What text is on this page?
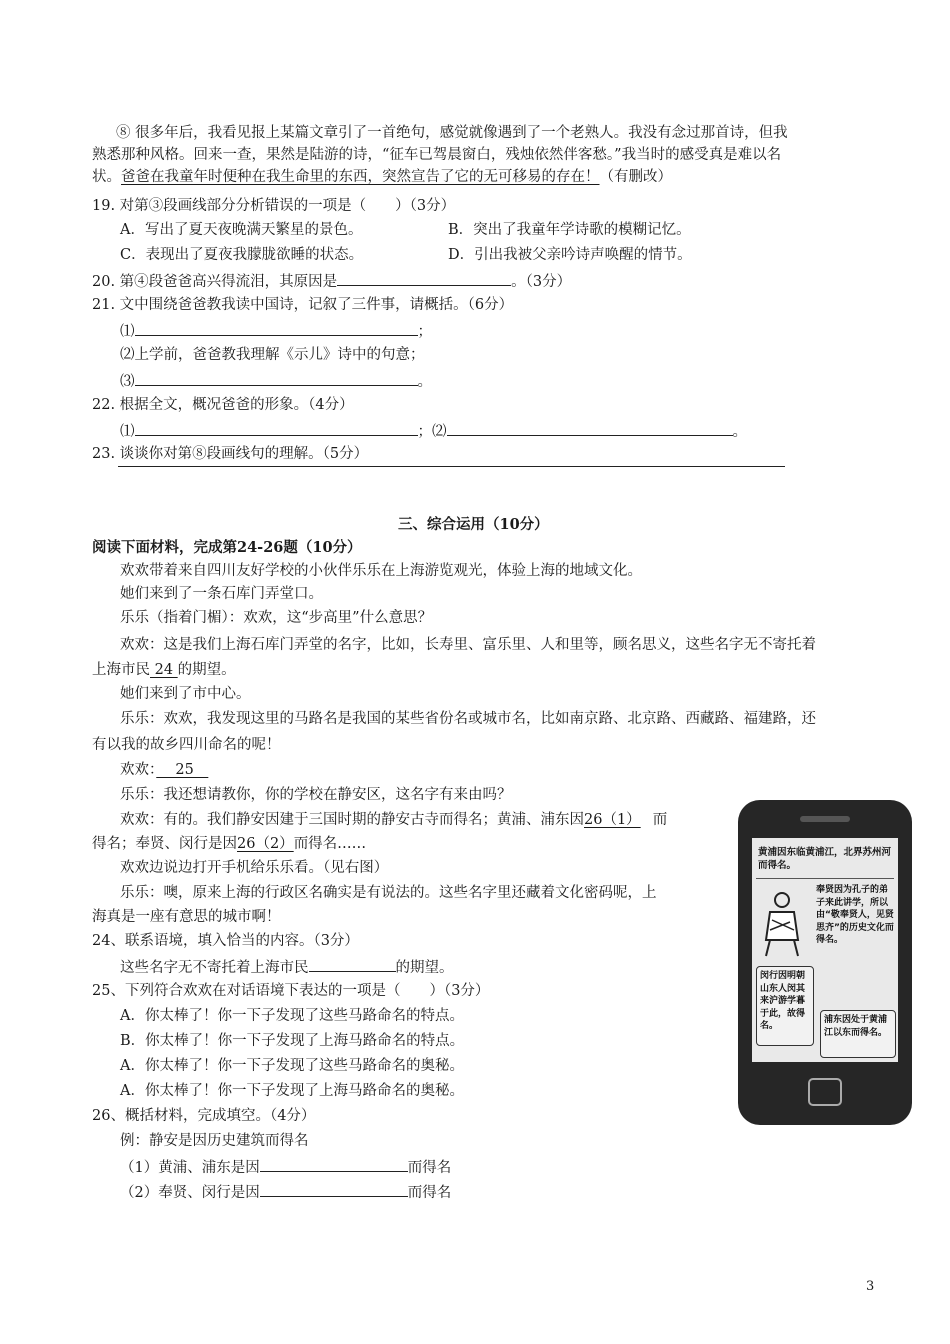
⑧ 很多年后，我看见报上某篇文章引了一首绝句，感觉就像遇到了一个老熟人。我没有念过那首诗，但我
熟悉那种风格。回来一查，果然是陆游的诗，“征车已驾晨窗白，残烛依然伴客愁。”我当时的感受真是难以名
状。爸爸在我童年时便种在我生命里的东西，突然宣告了它的无可移易的存在！（有删改）
19. 对第③段画线部分分析错误的一项是（　　）（3分）
A．写出了夏天夜晚满天繁星的景色。	B．突出了我童年学诗歌的模糊记忆。
C．表现出了夏夜我朦胧欲睡的状态。	D．引出我被父亲吟诗声唤醒的情节。
20. 第④段爸爸高兴得流泪，其原因是	。（3分）
21. 文中围绕爸爸教我读中国诗，记叙了三件事，请概括。（6分）
⑴	；
⑵上学前，爸爸教我理解《示儿》诗中的句意；
⑶	。
22. 根据全文，概况爸爸的形象。（4分）
⑴	；⑵	。
23. 谈谈你对第⑧段画线句的理解。（5分）
三、综合运用（10分）
阅读下面材料，完成第24-26题（10分）
欢欢带着来自四川友好学校的小伙伴乐乐在上海游览观光，体验上海的地域文化。
她们来到了一条石库门弄堂口。
乐乐（指着门楣）：欢欢，这“步高里”什么意思？
欢欢：这是我们上海石库门弄堂的名字，比如，长寿里、富乐里、人和里等，顾名思义，这些名字无不寄托着
上海市民 24 的期望。
她们来到了市中心。
乐乐：欢欢，我发现这里的马路名是我国的某些省份名或城市名，比如南京路、北京路、西藏路、福建路，还
有以我的故乡四川命名的呢！
欢欢：　 25　
乐乐：我还想请教你，你的学校在静安区，这名字有来由吗？
欢欢：有的。我们静安因建于三国时期的静安古寺而得名；黄浦、浦东因26（1） 而
得名；奉贤、闵行是因26（2）而得名……
欢欢边说边打开手机给乐乐看。（见右图）
乐乐：噢，原来上海的行政区名确实是有说法的。这些名字里还藏着文化密码呢，上
海真是一座有意思的城市啊！
24、联系语境，填入恰当的内容。（3分）
这些名字无不寄托着上海市民	的期望。
25、下列符合欢欢在对话语境下表达的一项是（　　）（3分）
A．你太棒了！你一下子发现了这些马路命名的特点。
B．你太棒了！你一下子发现了上海马路命名的特点。
A．你太棒了！你一下子发现了这些马路命名的奥秘。
A．你太棒了！你一下子发现了上海马路命名的奥秘。
26、概括材料，完成填空。（4分）
例：静安是因历史建筑而得名
（1）黄浦、浦东是因	而得名
（2）奉贤、闵行是因	而得名
黄浦因东临黄浦江，北界苏州河而得名。
奉贤因为孔子的弟子来此讲学，所以由“敬奉贤人，见贤思齐”的历史文化而得名。
闵行因明朝山东人闵其来沪游学暮于此，故得名。
浦东因处于黄浦江以东而得名。
3
